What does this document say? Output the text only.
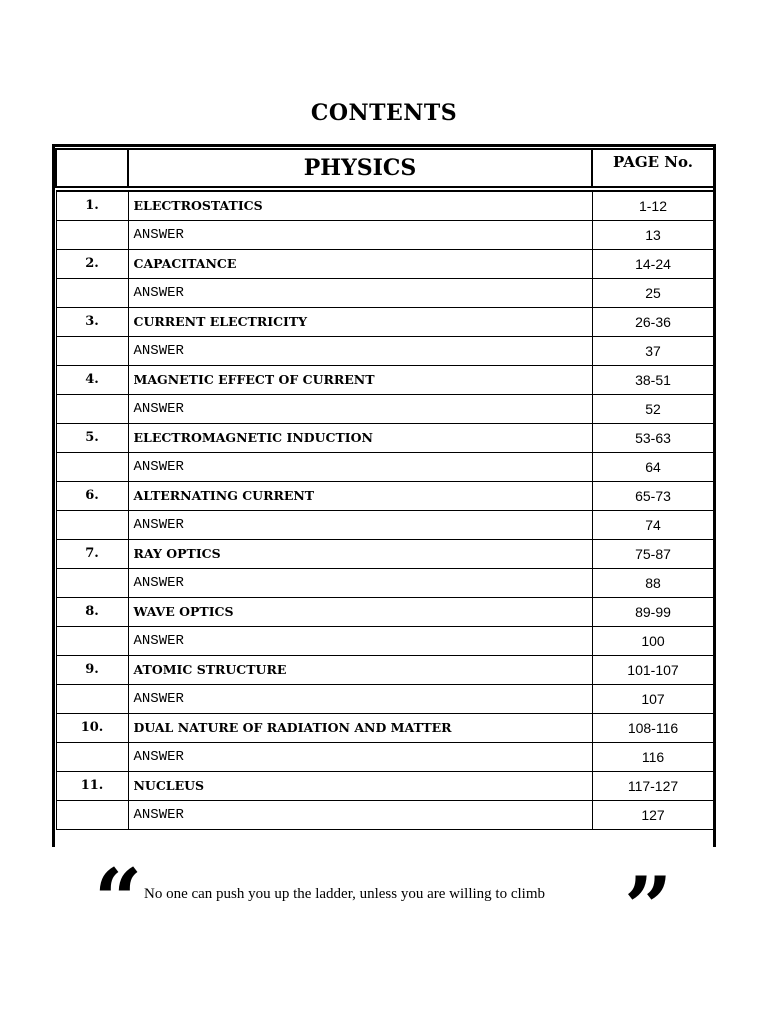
CONTENTS
	PHYSICS	PAGE No.

1.	ELECTROSTATICS	1-12
	ANSWER	13
2.	CAPACITANCE	14-24
	ANSWER	25
3.	CURRENT ELECTRICITY	26-36
	ANSWER	37
4.	MAGNETIC EFFECT OF CURRENT	38-51
	ANSWER	52
5.	ELECTROMAGNETIC INDUCTION	53-63
	ANSWER	64
6.	ALTERNATING CURRENT	65-73
	ANSWER	74
7.	RAY OPTICS	75-87
	ANSWER	88
8.	WAVE OPTICS	89-99
	ANSWER	100
9.	ATOMIC STRUCTURE	101-107
	ANSWER	107
10.	DUAL NATURE OF RADIATION AND MATTER	108-116
	ANSWER	116
11.	NUCLEUS	117-127
	ANSWER	127
“ No one can push you up the ladder, unless you are willing to climb ”
